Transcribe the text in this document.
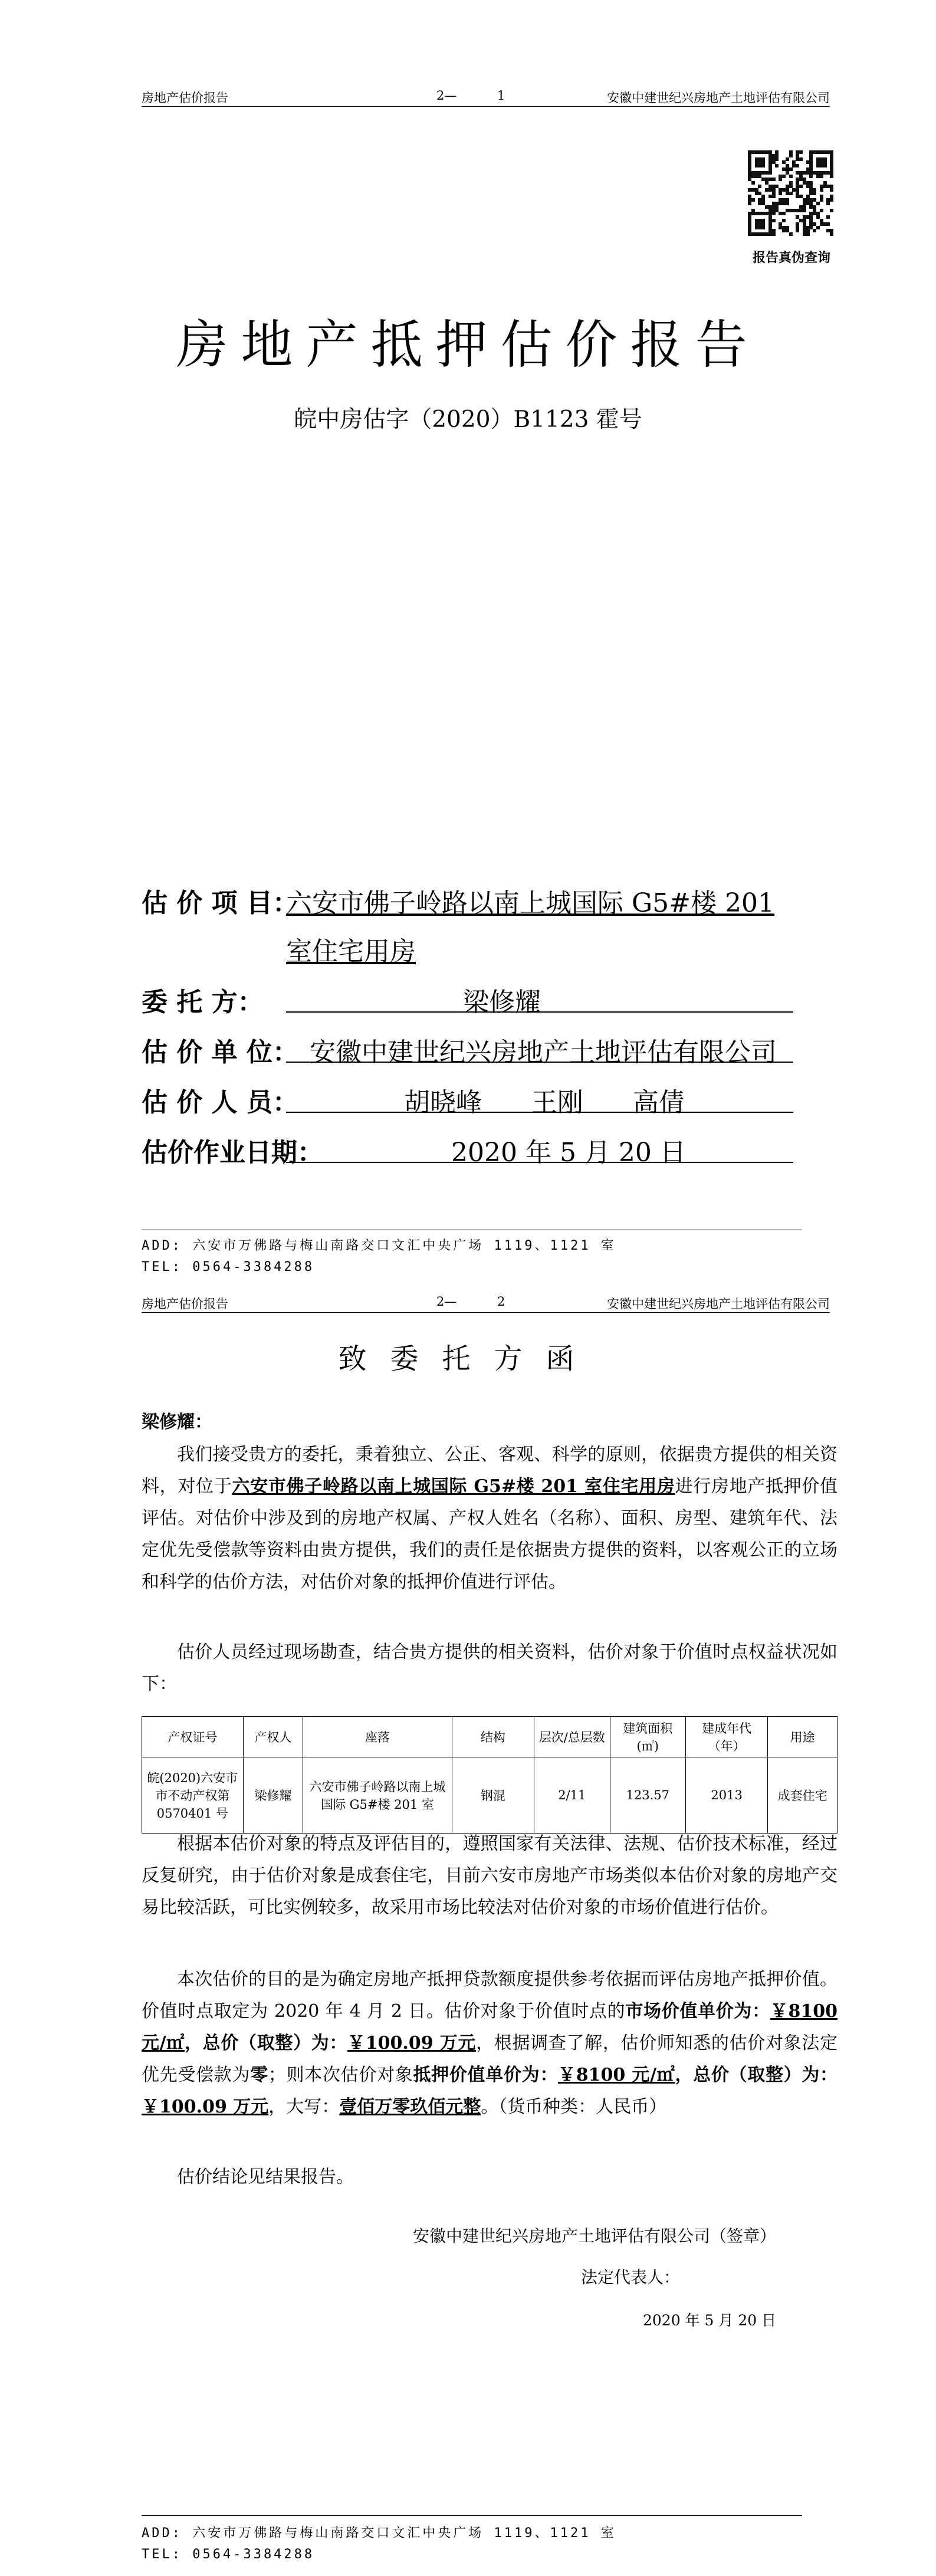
房地产估价报告	2— 1	安徽中建世纪兴房地产土地评估有限公司
报告真伪查询
房地产抵押估价报告
皖中房估字（2020）B1123 霍号
估 价 项 目：
六安市佛子岭路以南上城国际 G5#楼 201
室住宅用房
委 托 方：	梁修耀
估 价 单 位： 安徽中建世纪兴房地产土地评估有限公司
估 价 人 员：	胡晓峰      王刚      高倩
估价作业日期：	2020 年 5 月 20 日
ADD: 六安市万佛路与梅山南路交口文汇中央广场 1119、1121 室
TEL: 0564-3384288
房地产估价报告	2— 2	安徽中建世纪兴房地产土地评估有限公司
致委托方函
梁修耀：
我们接受贵方的委托，秉着独立、公正、客观、科学的原则，依据贵方提供的相关资料，对位于六安市佛子岭路以南上城国际 G5#楼 201 室住宅用房进行房地产抵押价值评估。对估价中涉及到的房地产权属、产权人姓名（名称）、面积、房型、建筑年代、法定优先受偿款等资料由贵方提供，我们的责任是依据贵方提供的资料，以客观公正的立场和科学的估价方法，对估价对象的抵押价值进行评估。
估价人员经过现场勘查，结合贵方提供的相关资料，估价对象于价值时点权益状况如下：
产权证号	产权人	座落	结构	层次/总层数	建筑面积(㎡)	建成年代（年）	用途
皖(2020)六安市市不动产权第 0570401 号	梁修耀	六安市佛子岭路以南上城国际 G5#楼 201 室	钢混	2/11	123.57	2013	成套住宅
根据本估价对象的特点及评估目的，遵照国家有关法律、法规、估价技术标准，经过反复研究，由于估价对象是成套住宅，目前六安市房地产市场类似本估价对象的房地产交易比较活跃，可比实例较多，故采用市场比较法对估价对象的市场价值进行估价。
本次估价的目的是为确定房地产抵押贷款额度提供参考依据而评估房地产抵押价值。价值时点取定为 2020 年 4 月 2 日。估价对象于价值时点的市场价值单价为：￥8100 元/㎡，总价（取整）为：￥100.09 万元，根据调查了解，估价师知悉的估价对象法定优先受偿款为零；则本次估价对象抵押价值单价为：￥8100 元/㎡，总价（取整）为：￥100.09 万元，大写：壹佰万零玖佰元整。（货币种类：人民币）
估价结论见结果报告。
安徽中建世纪兴房地产土地评估有限公司（签章）
法定代表人：
2020 年 5 月 20 日
ADD: 六安市万佛路与梅山南路交口文汇中央广场 1119、1121 室
TEL: 0564-3384288
